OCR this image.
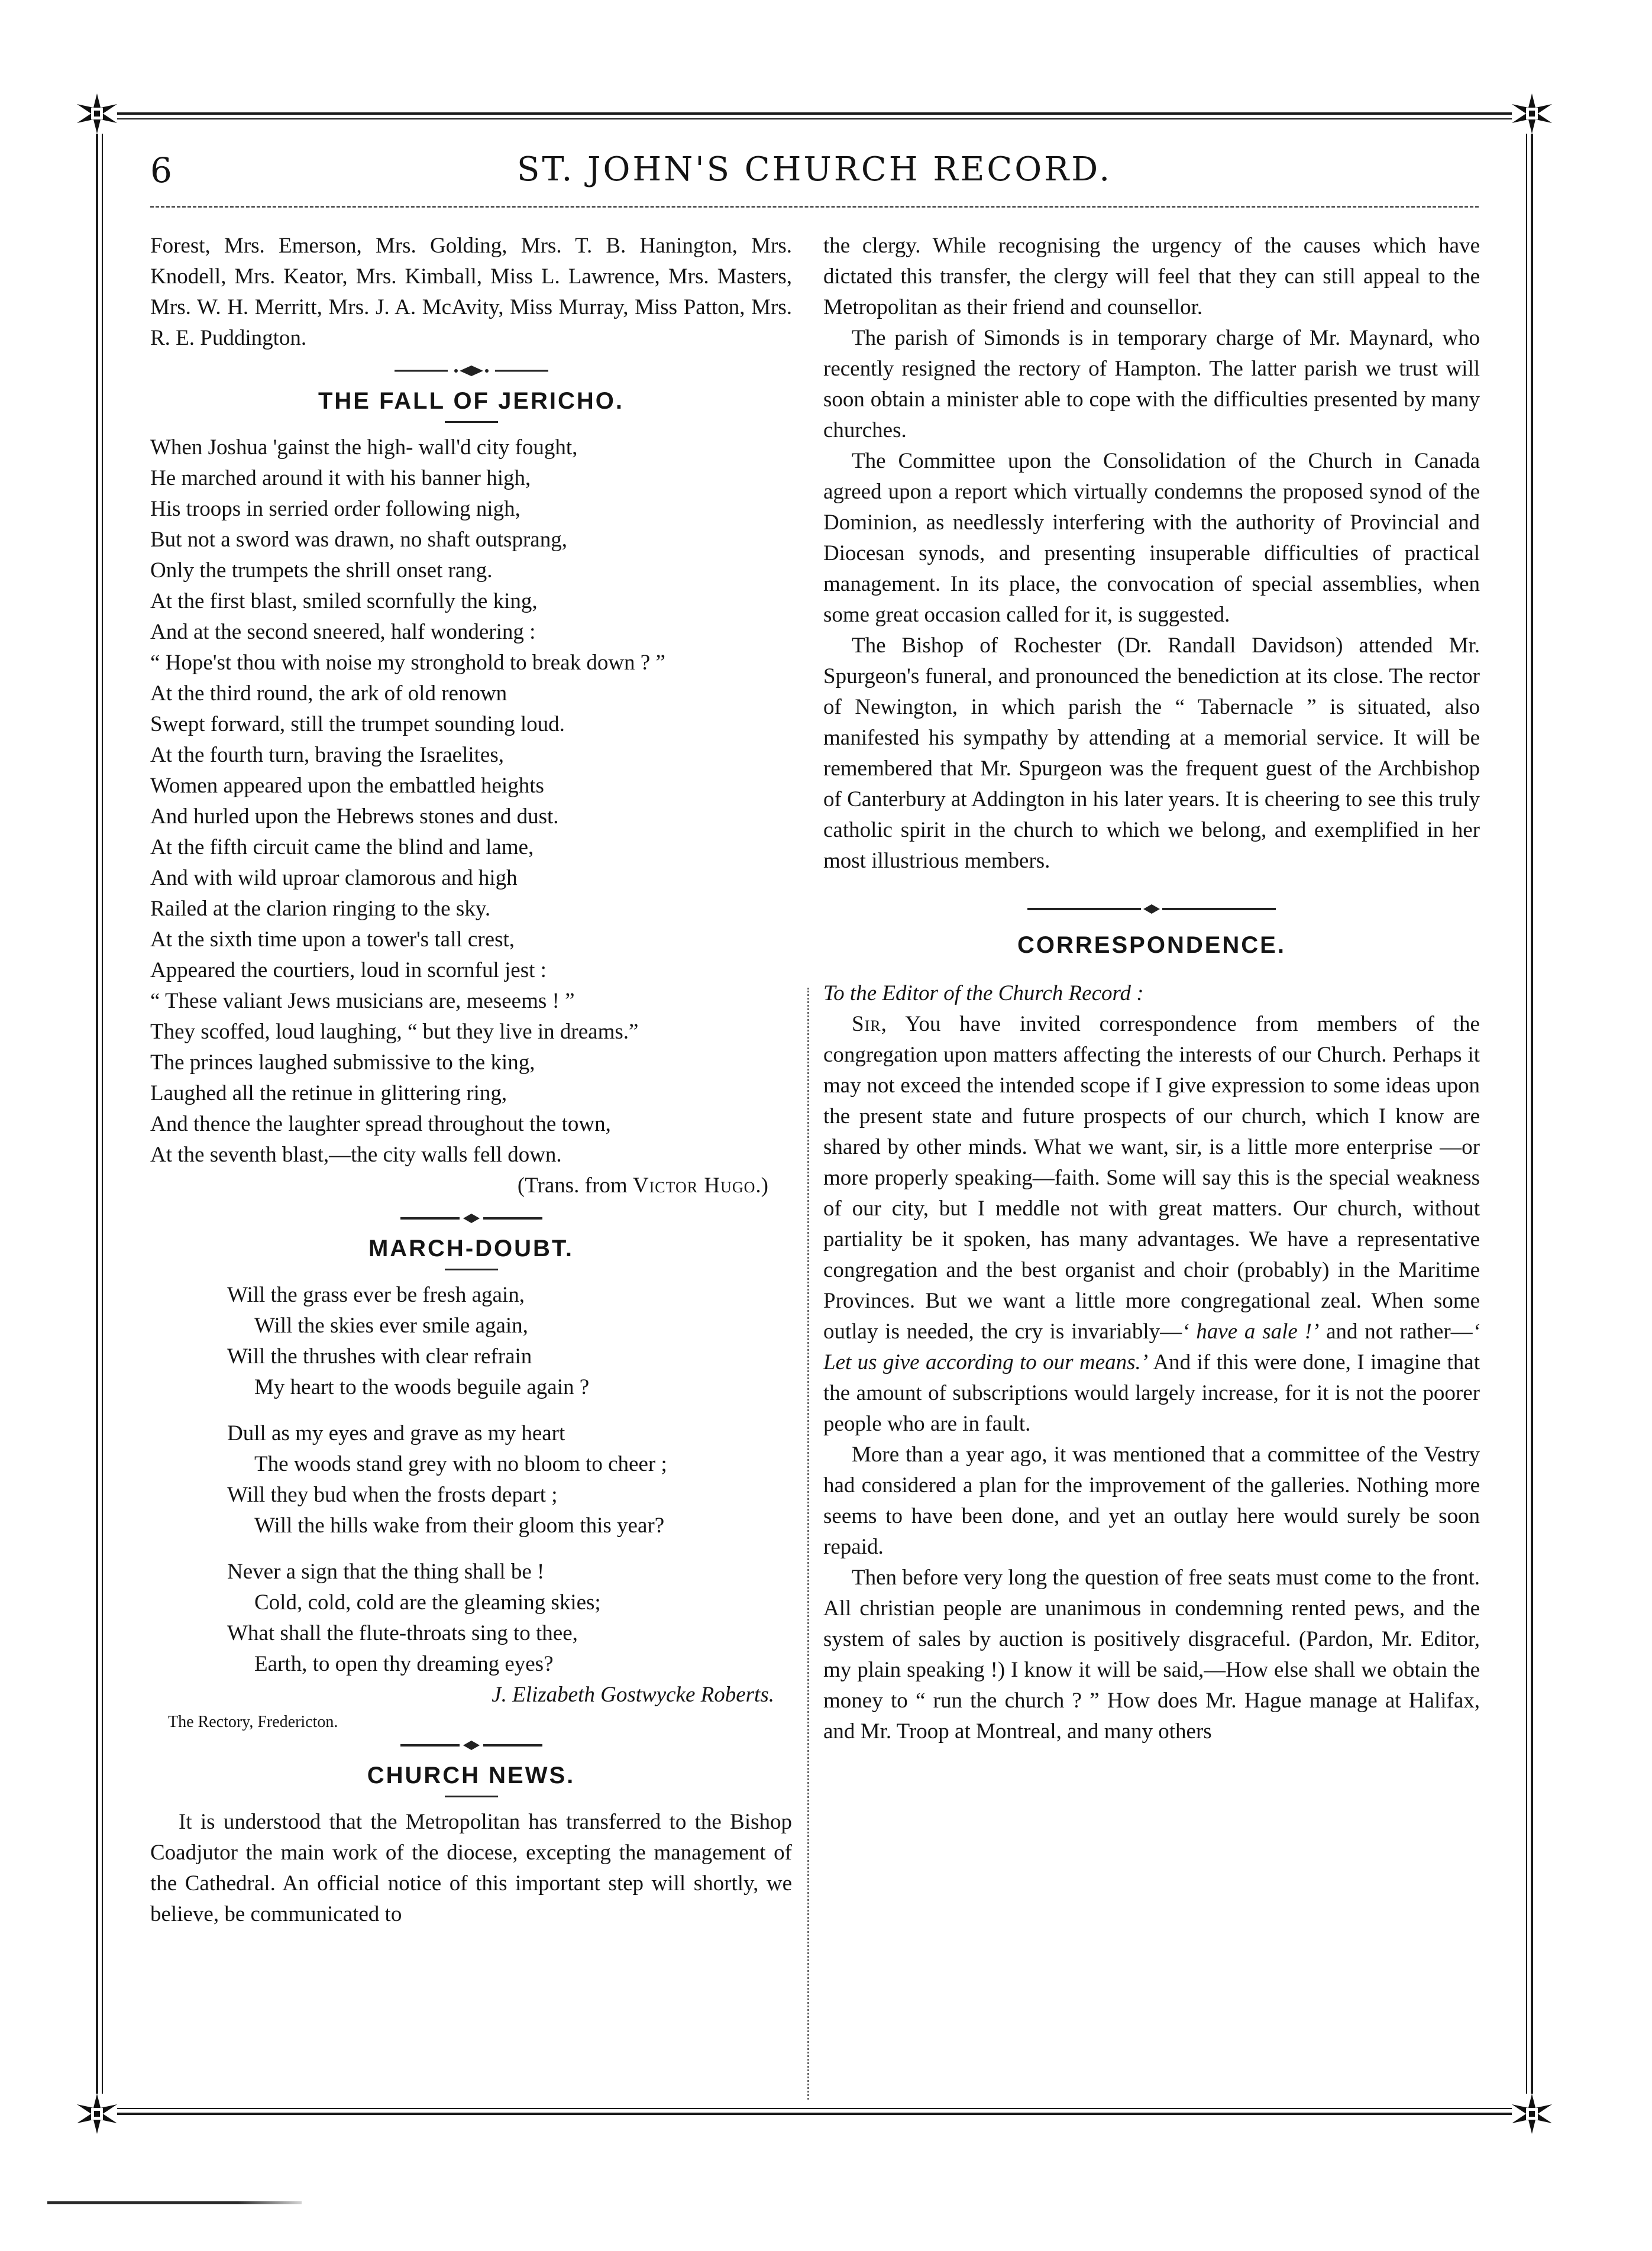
6	ST. JOHN'S CHURCH RECORD.

Forest, Mrs. Emerson, Mrs. Golding, Mrs. T. B. Hanington, Mrs. Knodell, Mrs. Keator, Mrs. Kimball, Miss L. Lawrence, Mrs. Masters, Mrs. W. H. Merritt, Mrs. J. A. McAvity, Miss Murray, Miss Patton, Mrs. R. E. Puddington.

THE FALL OF JERICHO.
When Joshua 'gainst the high- wall'd city fought,
He marched around it with his banner high,
His troops in serried order following nigh,
But not a sword was drawn, no shaft outsprang,
Only the trumpets the shrill onset rang.
At the first blast, smiled scornfully the king,
And at the second sneered, half wondering :
“ Hope'st thou with noise my stronghold to break down ? ”
At the third round, the ark of old renown
Swept forward, still the trumpet sounding loud.
At the fourth turn, braving the Israelites,
Women appeared upon the embattled heights
And hurled upon the Hebrews stones and dust.
At the fifth circuit came the blind and lame,
And with wild uproar clamorous and high
Railed at the clarion ringing to the sky.
At the sixth time upon a tower's tall crest,
Appeared the courtiers, loud in scornful jest :
“ These valiant Jews musicians are, meseems ! ”
They scoffed, loud laughing, “ but they live in dreams.”
The princes laughed submissive to the king,
Laughed all the retinue in glittering ring,
And thence the laughter spread throughout the town,
At the seventh blast,—the city walls fell down.
(Trans. from Victor Hugo.)
MARCH-DOUBT.
Will the grass ever be fresh again,
Will the skies ever smile again,
Will the thrushes with clear refrain
My heart to the woods beguile again ?
Dull as my eyes and grave as my heart
The woods stand grey with no bloom to cheer ;
Will they bud when the frosts depart ;
Will the hills wake from their gloom this year?
Never a sign that the thing shall be !
Cold, cold, cold are the gleaming skies;
What shall the flute-throats sing to thee,
Earth, to open thy dreaming eyes?
J. Elizabeth Gostwycke Roberts.
The Rectory, Fredericton.
CHURCH NEWS.

It is understood that the Metropolitan has transferred to the Bishop Coadjutor the main work of the diocese, excepting the management of the Cathedral. An official notice of this important step will shortly, we believe, be communicated to

the clergy. While recognising the urgency of the causes which have dictated this transfer, the clergy will feel that they can still appeal to the Metropolitan as their friend and counsellor.

The parish of Simonds is in temporary charge of Mr. Maynard, who recently resigned the rectory of Hampton. The latter parish we trust will soon obtain a minister able to cope with the difficulties presented by many churches.

The Committee upon the Consolidation of the Church in Canada agreed upon a report which virtually condemns the proposed synod of the Dominion, as needlessly interfering with the authority of Provincial and Diocesan synods, and presenting insuperable difficulties of practical management. In its place, the convocation of special assemblies, when some great occasion called for it, is suggested.

The Bishop of Rochester (Dr. Randall Davidson) attended Mr. Spurgeon's funeral, and pronounced the benediction at its close. The rector of Newington, in which parish the “ Tabernacle ” is situated, also manifested his sympathy by attending at a memorial service. It will be remembered that Mr. Spurgeon was the frequent guest of the Archbishop of Canterbury at Addington in his later years. It is cheering to see this truly catholic spirit in the church to which we belong, and exemplified in her most illustrious members.

CORRESPONDENCE.
To the Editor of the Church Record :

Sir, You have invited correspondence from members of the congregation upon matters affecting the interests of our Church. Perhaps it may not exceed the intended scope if I give expression to some ideas upon the present state and future prospects of our church, which I know are shared by other minds. What we want, sir, is a little more enterprise —or more properly speaking—faith. Some will say this is the special weakness of our city, but I meddle not with great matters. Our church, without partiality be it spoken, has many advantages. We have a representative congregation and the best organist and choir (probably) in the Maritime Provinces. But we want a little more congregational zeal. When some outlay is needed, the cry is invariably—‘ have a sale !’ and not rather—‘ Let us give according to our means.’ And if this were done, I imagine that the amount of subscriptions would largely increase, for it is not the poorer people who are in fault.

More than a year ago, it was mentioned that a committee of the Vestry had considered a plan for the improvement of the galleries. Nothing more seems to have been done, and yet an outlay here would surely be soon repaid.

Then before very long the question of free seats must come to the front. All christian people are unanimous in condemning rented pews, and the system of sales by auction is positively disgraceful. (Pardon, Mr. Editor, my plain speaking !) I know it will be said,—How else shall we obtain the money to “ run the church ? ” How does Mr. Hague manage at Halifax, and Mr. Troop at Montreal, and many others
